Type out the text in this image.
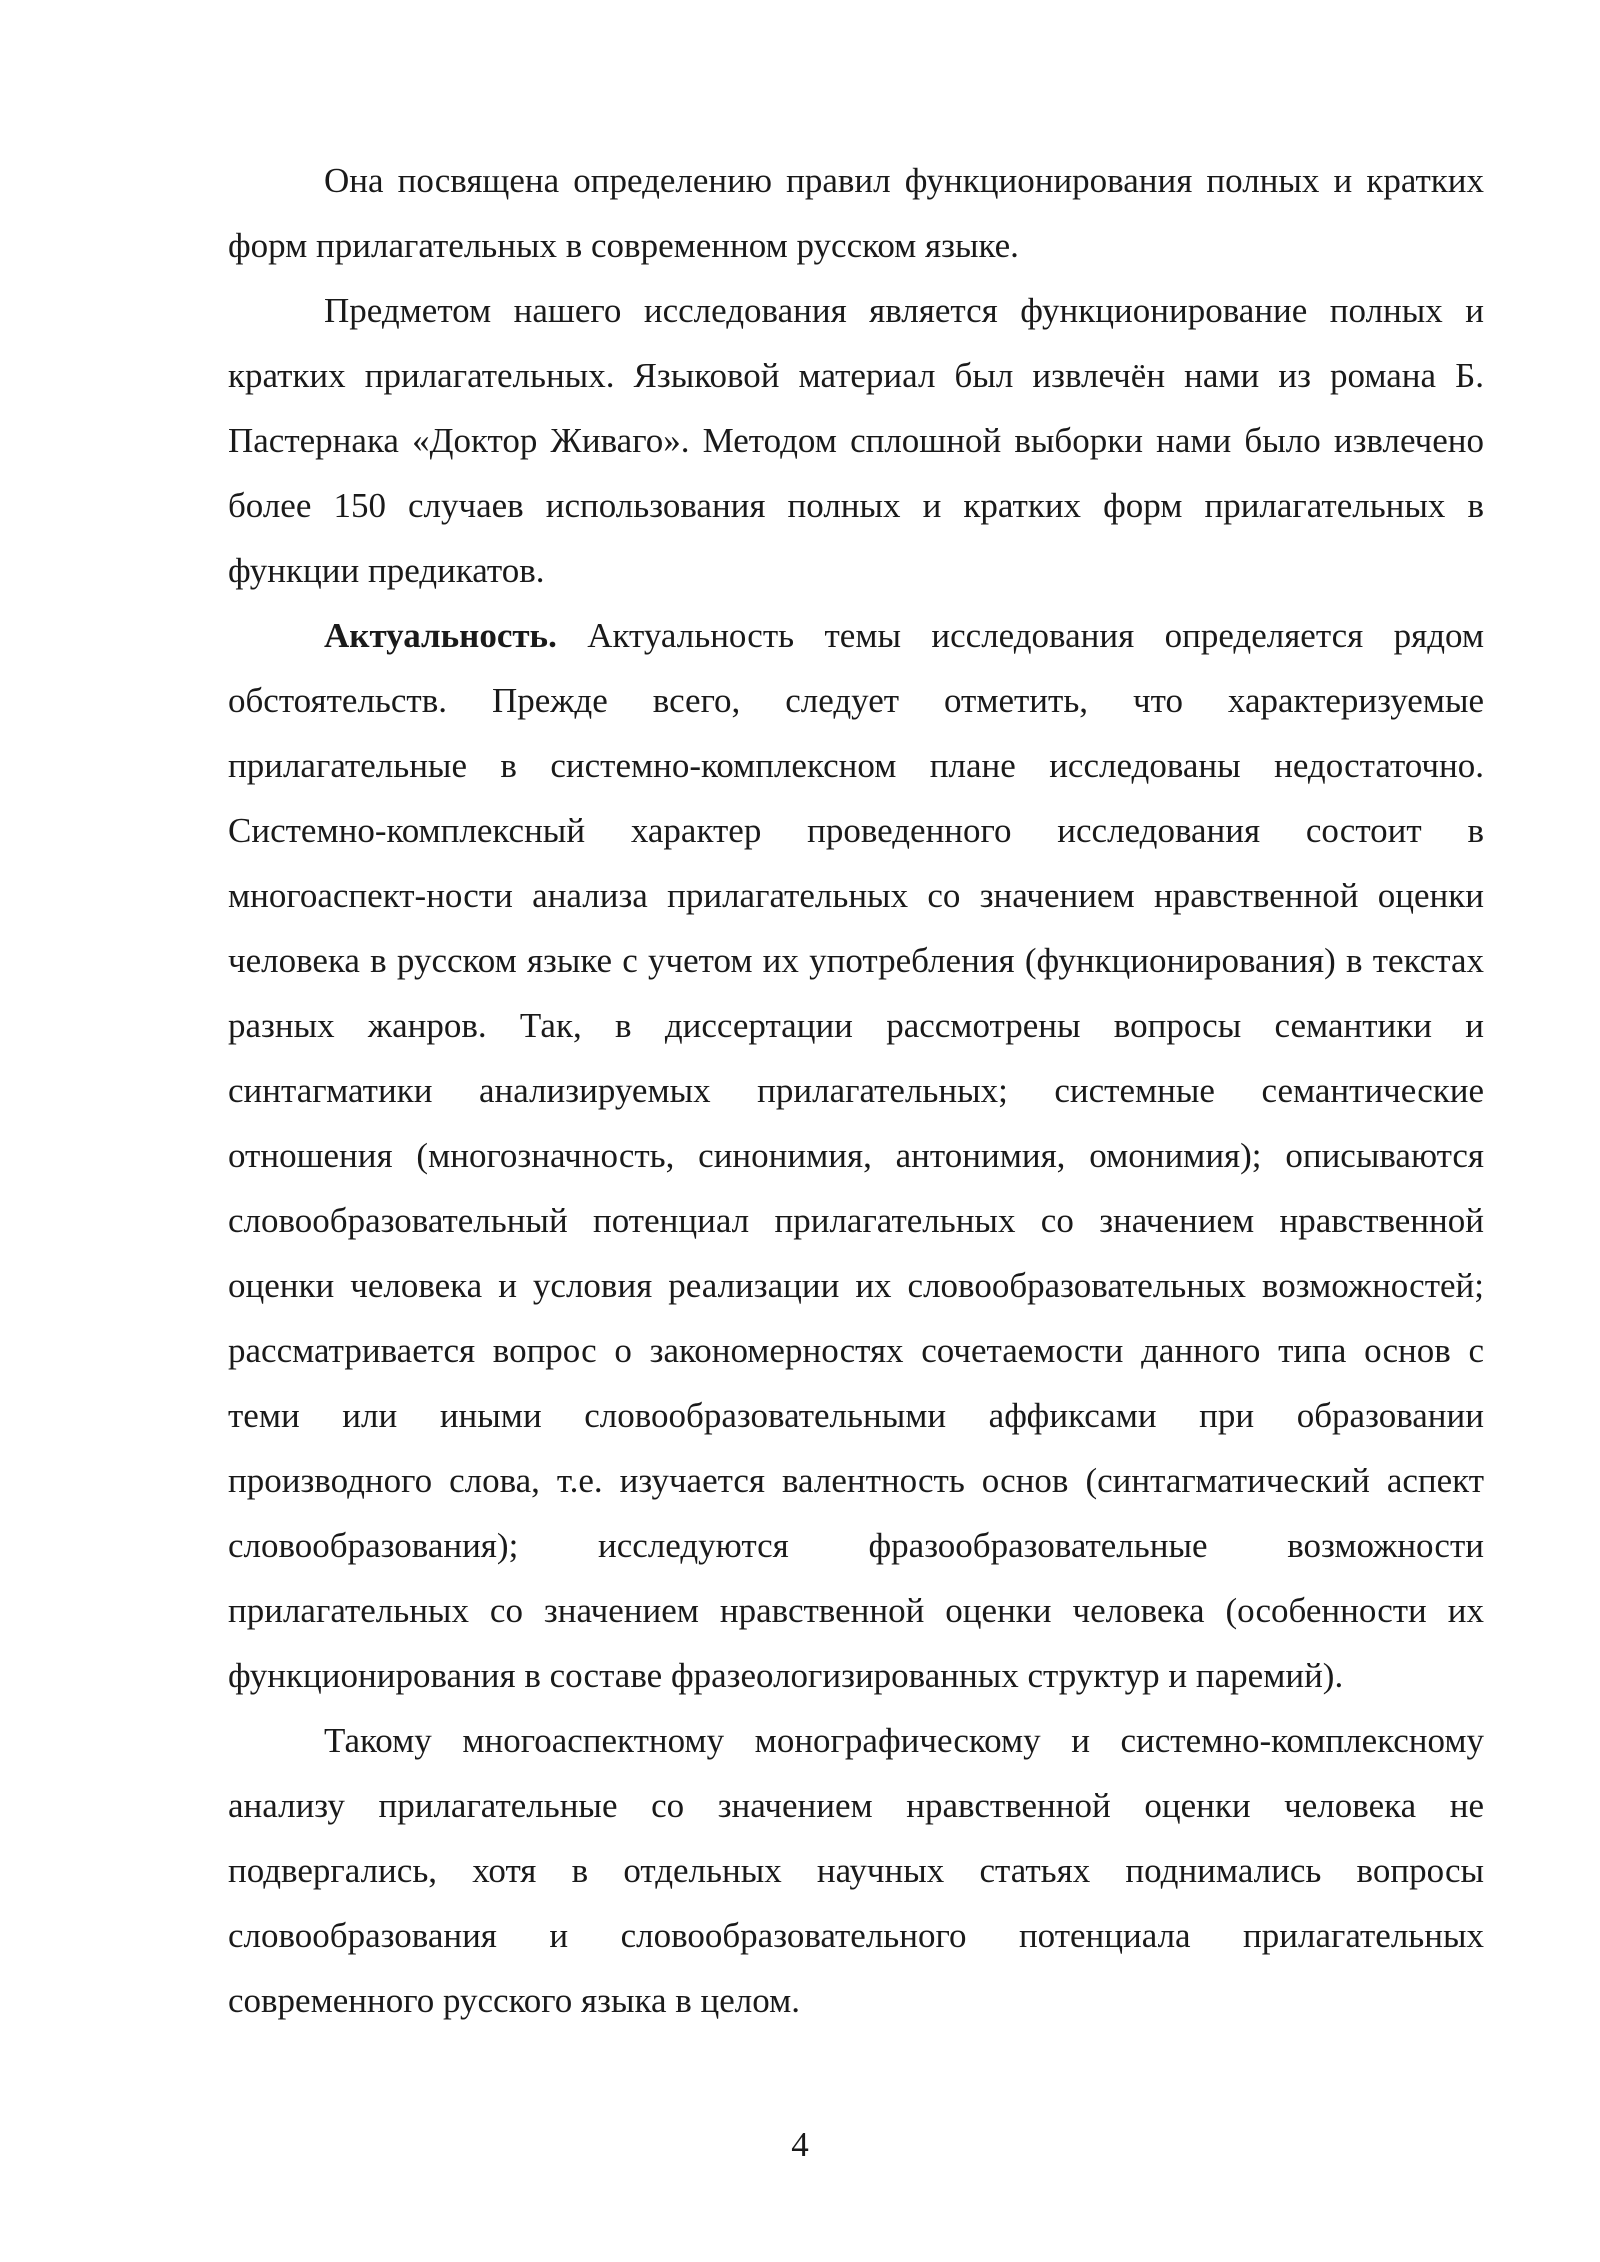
Она посвящена определению правил функционирования полных и кратких форм прилагательных в современном русском языке.

Предметом нашего исследования является функционирование полных и кратких прилагательных. Языковой материал был извлечён нами из романа Б. Пастернака «Доктор Живаго». Методом сплошной выборки нами было извлечено более 150 случаев использования полных и кратких форм прилагательных в функции предикатов.

Актуальность. Актуальность темы исследования определяется рядом обстоятельств. Прежде всего, следует отметить, что характеризуемые прилагательные в системно-комплексном плане исследованы недостаточно. Системно-комплексный характер проведенного исследования состоит в многоаспект-ности анализа прилагательных со значением нравственной оценки человека в русском языке с учетом их употребления (функционирования) в текстах разных жанров. Так, в диссертации рассмотрены вопросы семантики и синтагматики анализируемых прилагательных; системные семантические отношения (многозначность, синонимия, антонимия, омонимия); описываются словообразовательный потенциал прилагательных со значением нравственной оценки человека и условия реализации их словообразовательных возможностей; рассматривается вопрос о закономерностях сочетаемости данного типа основ с теми или иными словообразовательными аффиксами при образовании производного слова, т.е. изучается валентность основ (синтагматический аспект словообразования); исследуются фразообразовательные возможности прилагательных со значением нравственной оценки человека (особенности их функционирования в составе фразеологизированных структур и паремий).

Такому многоаспектному монографическому и системно-комплексному анализу прилагательные со значением нравственной оценки человека не подвергались, хотя в отдельных научных статьях поднимались вопросы словообразования и словообразовательного потенциала прилагательных современного русского языка в целом.

4
